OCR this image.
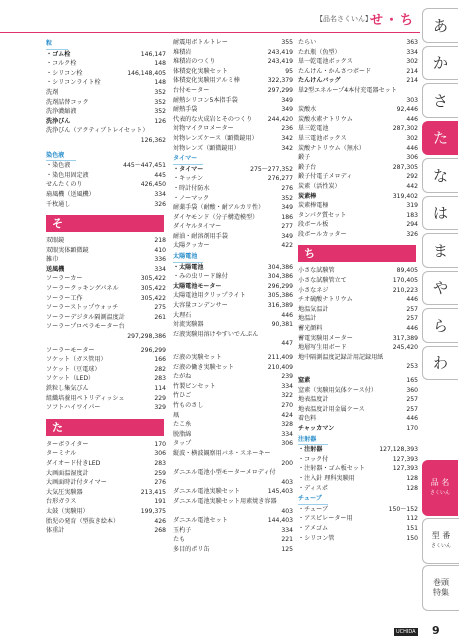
【品名さくいん】
せ・ち
粒
・ゴム栓	146,147
・コルク栓	148
・シリコン栓	146,148,405
・シリコンライト栓	148
洗剤	352
洗剤詰替コック	352
洗浄濃縮液	352
洗浄びん	126
洗浄びん（アクティブトレイセット）
126,362
染色液
・染色液	445〜447,451
・染色用固定液	445
せんたくのり	426,450
扇風機（送風機）	334
千枚通し	326
そ
双眼鏡	218
双眼実体顕微鏡	410
雑巾	336
送風機	334
ソーラーカー	305,422
ソーラークッキングパネル	305,422
ソーラー工作	305,422
ソーラーストップウォッチ	275
ソーラーデジタル隔測温度計	261
ソーラープロペラモーター台
297,298,386
ソーラーモーター	296,299
ソケット（ガス管用）	166
ソケット（豆電球）	282
ソケット（LED）	283
鉄粒し集気びん	114
組織培養用ペトリディッシュ	229
ソフトハイワイパー	329
た
ターボライター	170
ターミナル	306
ダイオード付きLED	283
大画面温湿度計	259
大画面時計付タイマー	276
大気圧実験器	213,415
台形ガラス	191
太鼓（実験用）	199,375
胎児の発育（型抜き絵本）	426
体重計	268
耐震用ボトルトレー	355
堆積岩	243,419
堆積岩のつくり	243,419
体積変化実験セット	95
体積変化実験用アルミ棒	322,379
台付モーター	297,299
耐熱シリコン5本指手袋	349
耐熱手袋	349
代表的な火成岩とそのつくり	244,420
対物マイクロメーター	236
対物レンズケース（顕微鏡用）	342
対物レンズ（顕微鏡用）	342
タイマー
・タイマー	275〜277,352
・キッチン	276,277
・時計付防水	276
・ノーマック	352
耐薬手袋（耐酸・耐アルカリ性）	349
ダイヤモンド（分子構造模型）	186
ダイヤルタイマー	277
耐油・耐溶剤用手袋	349
太陽クッカー	422
太陽電池
・太陽電池	304,386
・みの虫リード線付	304,386
太陽電池モーター	296,299
太陽電池用クリップライト	305,386
大容量コンデンサー	316,389
大理石	446
対流実験器	90,381
だ液実験用溶けやすいでんぷん
447
だ液の実験セット	211,409
だ液の働き実験セット	210,409
たがね	239
竹製ピンセット	334
竹ひご	322
竹ものさし	270
凧	424
たこ糸	328
脱脂綿	334
タップ	306
縦波・横波観察用バネ・スネーキー
200
ダニエル電池小型モーターメロディ付
403
ダニエル電池実験セット	145,403
ダニエル電池実験セット用素焼き容器
403
ダニエル電池セット	144,403
玉杓子	334
たも	221
多目的ポリ缶	125
たらい	363
たれ瓶（魚型）	334
単一乾電池ボックス	302
たんけん・かんさつボード	214
たんけんバッグ	214
単2型エネループ4本付充電器セット
303
炭酸水	92,446
炭酸水素ナトリウム	446
単三乾電池	287,302
単三電池ボックス	302
炭酸ナトリウム（無水）	446
鍛子	306
鍛子台	287,305
鍛子付電子メロディ	292
炭素（活性炭）	442
炭素棒	319,402
炭素棒電極	319
タンパク質セット	183
段ボール板	294
段ボールカッター	326
ち
小さな試験管	89,405
小さな試験管立て	170,405
小さなネジ	210,223
チオ硫酸ナトリウム	446
地温気温計	257
地温計	257
蓄光顔料	446
蓄電実験用メーター	317,389
地層写生用ボード	245,420
地中隔測温度記録計用記録用紙
253
窒素	165
窒素（実験用気体ケース付）	360
地表温度計	257
地表温度計用金属ケース	257
着色料	446
チャッカマン	170
注射器
・注射器	127,128,393
・コック付	127,393
・注射器・ゴム板セット	127,393
・注入針 理科実験用	128
・ディスポ	128
チューブ
・チューブ	150〜152
・アスピレーター用	112
・アメゴム	151
・シリコン管	150
あ
か
さ
た
な
は
ま
や
ら
わ
品 名
さくいん
型 番
さくいん
巻頭
特集
UCHIDA 9
